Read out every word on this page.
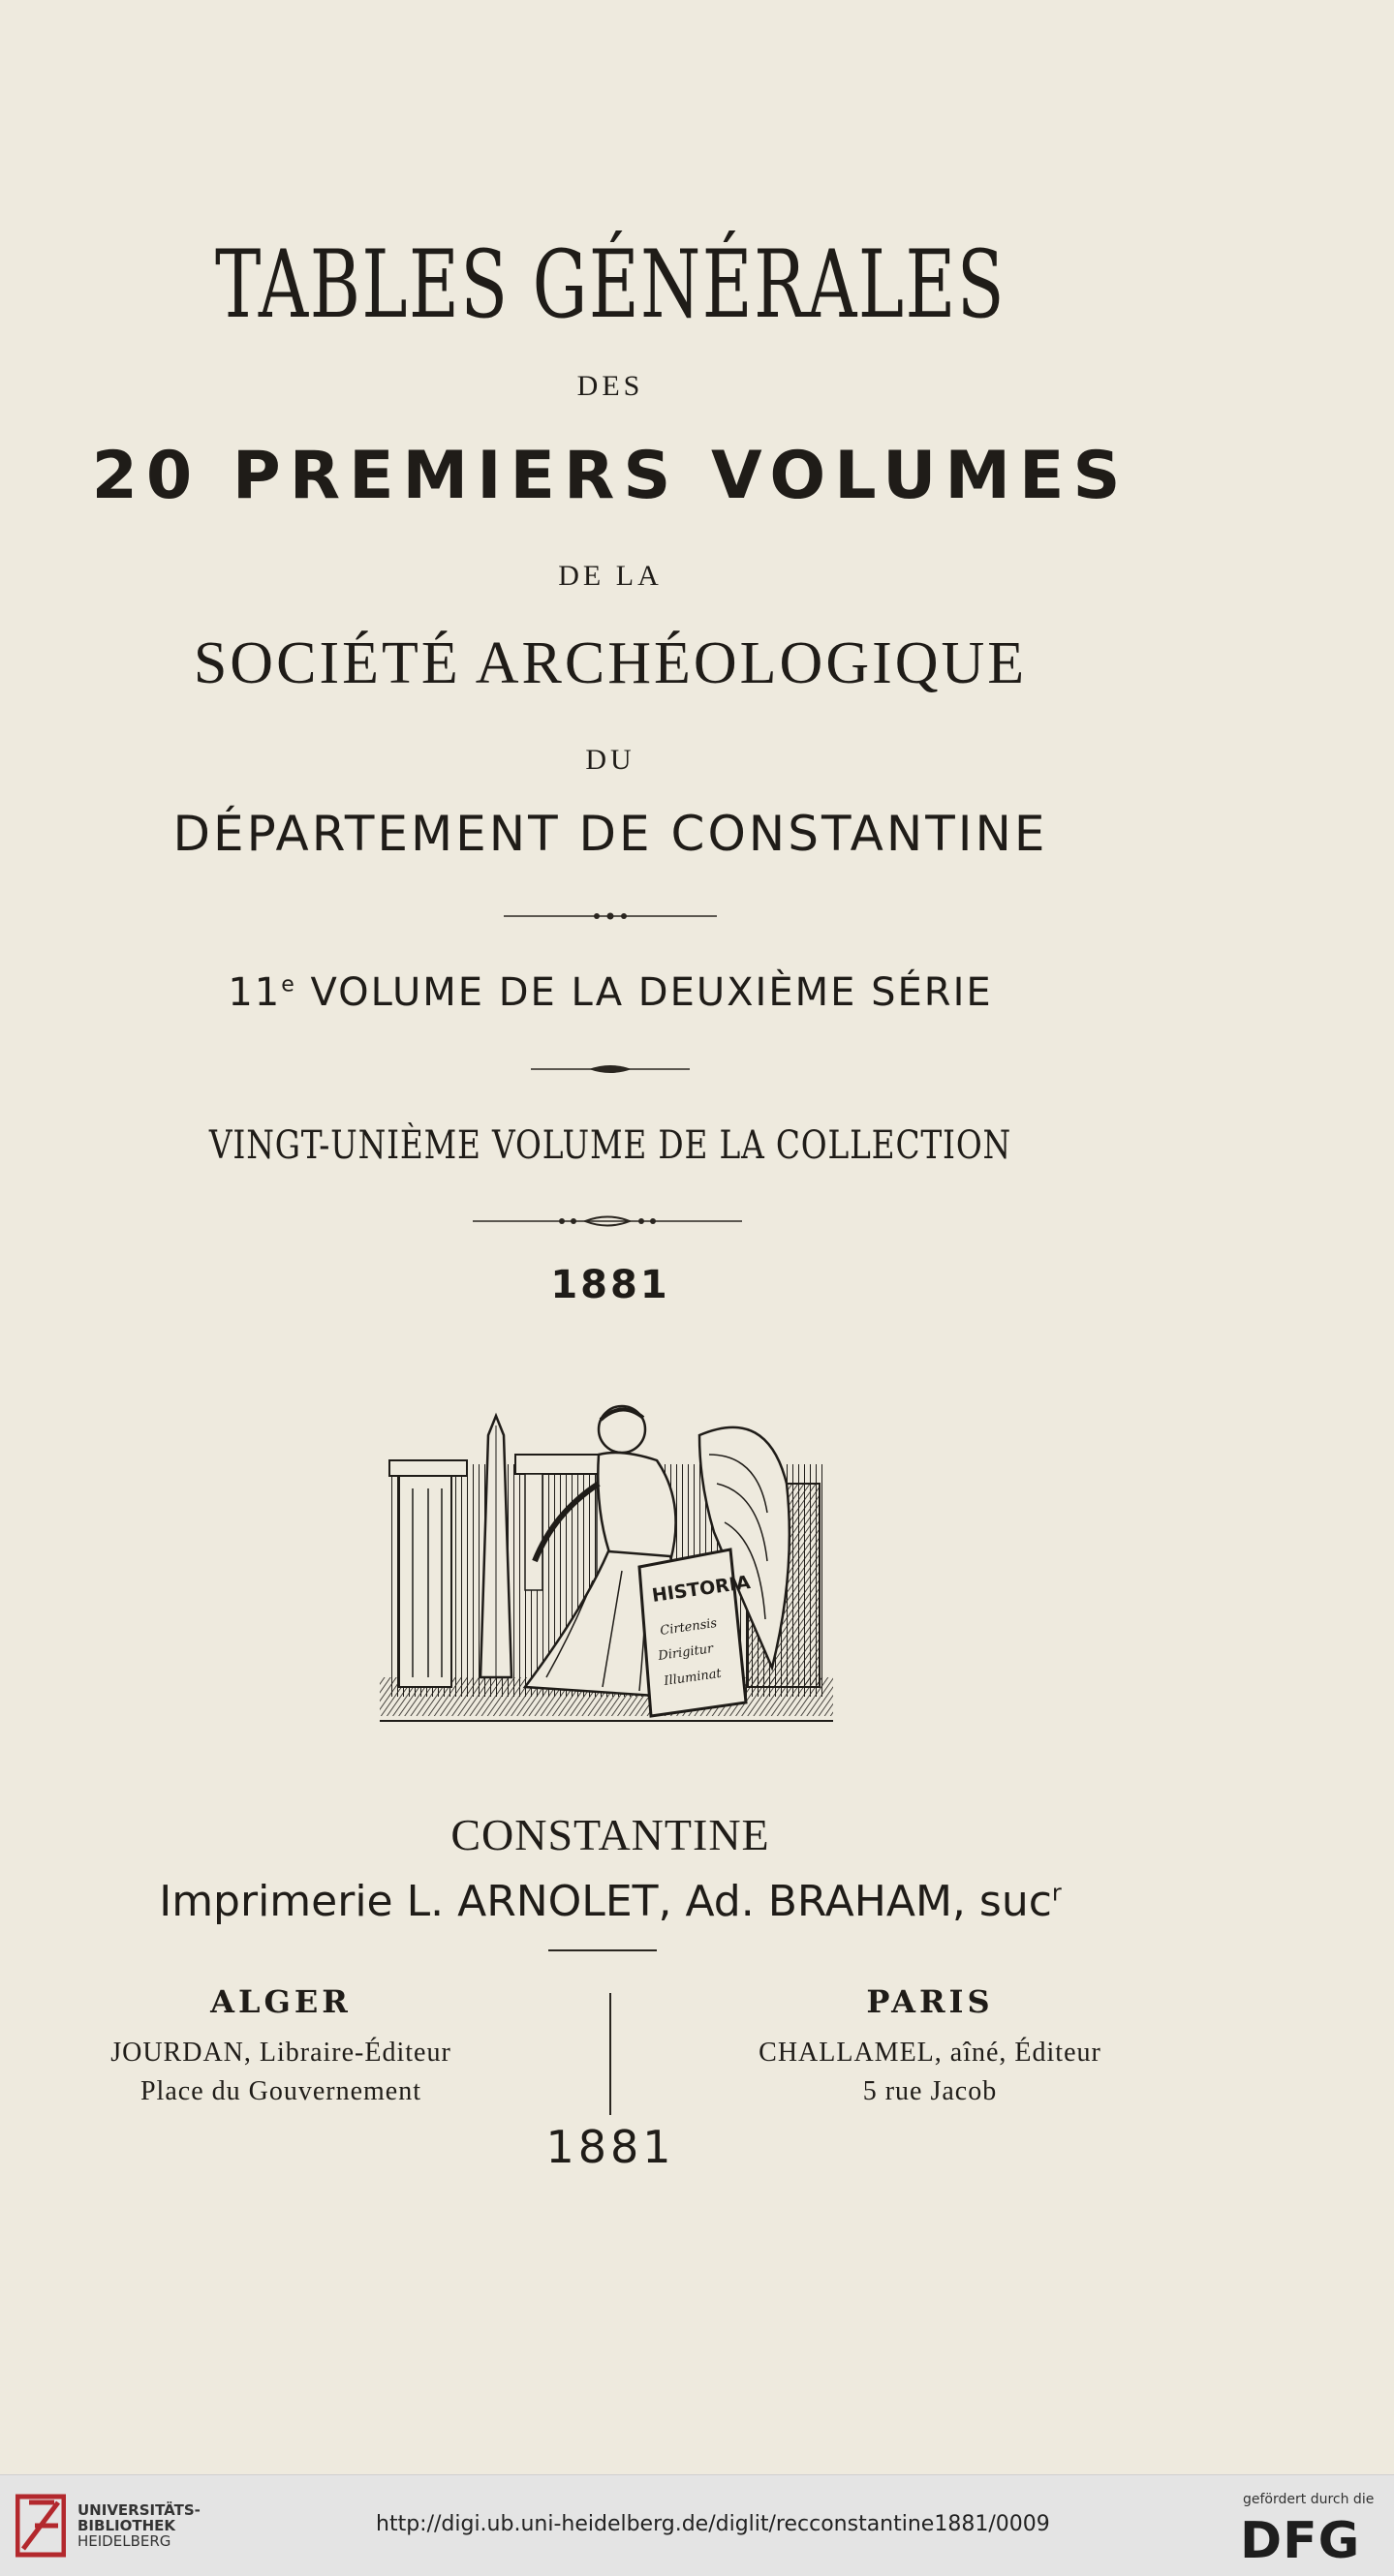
TABLES GÉNÉRALES
DES
20 PREMIERS VOLUMES
DE LA
SOCIÉTÉ ARCHÉOLOGIQUE
DU
DÉPARTEMENT DE CONSTANTINE
11e VOLUME DE LA DEUXIÈME SÉRIE
VINGT-UNIÈME VOLUME DE LA COLLECTION
1881
HISTORIA
Cirtensis
Dirigitur
Illuminat
CONSTANTINE
Imprimerie L. ARNOLET, Ad. BRAHAM, suc$^r$
ALGER
JOURDAN, Libraire-Éditeur
Place du Gouvernement
PARIS
CHALLAMEL, aîné, Éditeur
5 rue Jacob
1881
UNIVERSITÄTS-
BIBLIOTHEK
HEIDELBERG
http://digi.ub.uni-heidelberg.de/diglit/recconstantine1881/0009
gefördert durch die
DFG
